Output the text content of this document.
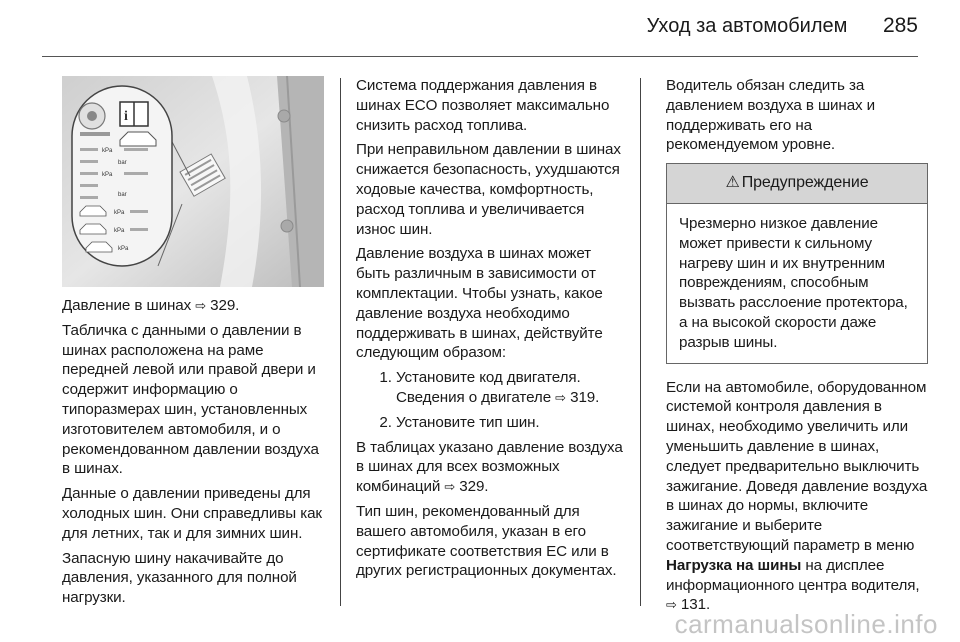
Уход за автомобилем 285
i
kPa
bar
kPa
bar
kPa
kPa
kPa

Давление в шинах ⇨ 329.

Табличка с данными о давлении в шинах расположена на раме передней левой или правой двери и содержит информацию о типоразмерах шин, установленных изготовителем автомобиля, и о рекомендованном давлении воздуха в шинах.

Данные о давлении приведены для холодных шин. Они справедливы как для летних, так и для зимних шин.

Запасную шину накачивайте до давления, указанного для полной нагрузки.

Система поддержания давления в шинах ECO позволяет максимально снизить расход топлива.

При неправильном давлении в шинах снижается безопасность, ухудшаются ходовые качества, комфортность, расход топлива и увеличивается износ шин.

Давление воздуха в шинах может быть различным в зависимости от комплектации. Чтобы узнать, какое давление воздуха необходимо поддерживать в шинах, действуйте следующим образом:

1. Установите код двигателя. Сведения о двигателе ⇨ 319.
2. Установите тип шин.

В таблицах указано давление воздуха в шинах для всех возможных комбинаций ⇨ 329.

Тип шин, рекомендованный для вашего автомобиля, указан в его сертификате соответствия ЕС или в других регистрационных документах.

Водитель обязан следить за давлением воздуха в шинах и поддерживать его на рекомендуемом уровне.

⚠ Предупреждение
Чрезмерно низкое давление может привести к сильному нагреву шин и их внутренним повреждениям, способным вызвать расслоение протектора, а на высокой скорости даже разрыв шины.

Если на автомобиле, оборудованном системой контроля давления в шинах, необходимо увеличить или уменьшить давление в шинах, следует предварительно выключить зажигание. Доведя давление воздуха в шинах до нормы, включите зажигание и выберите соответствующий параметр в меню Нагрузка на шины на дисплее информационного центра водителя, ⇨ 131.

carmanualsonline.info
